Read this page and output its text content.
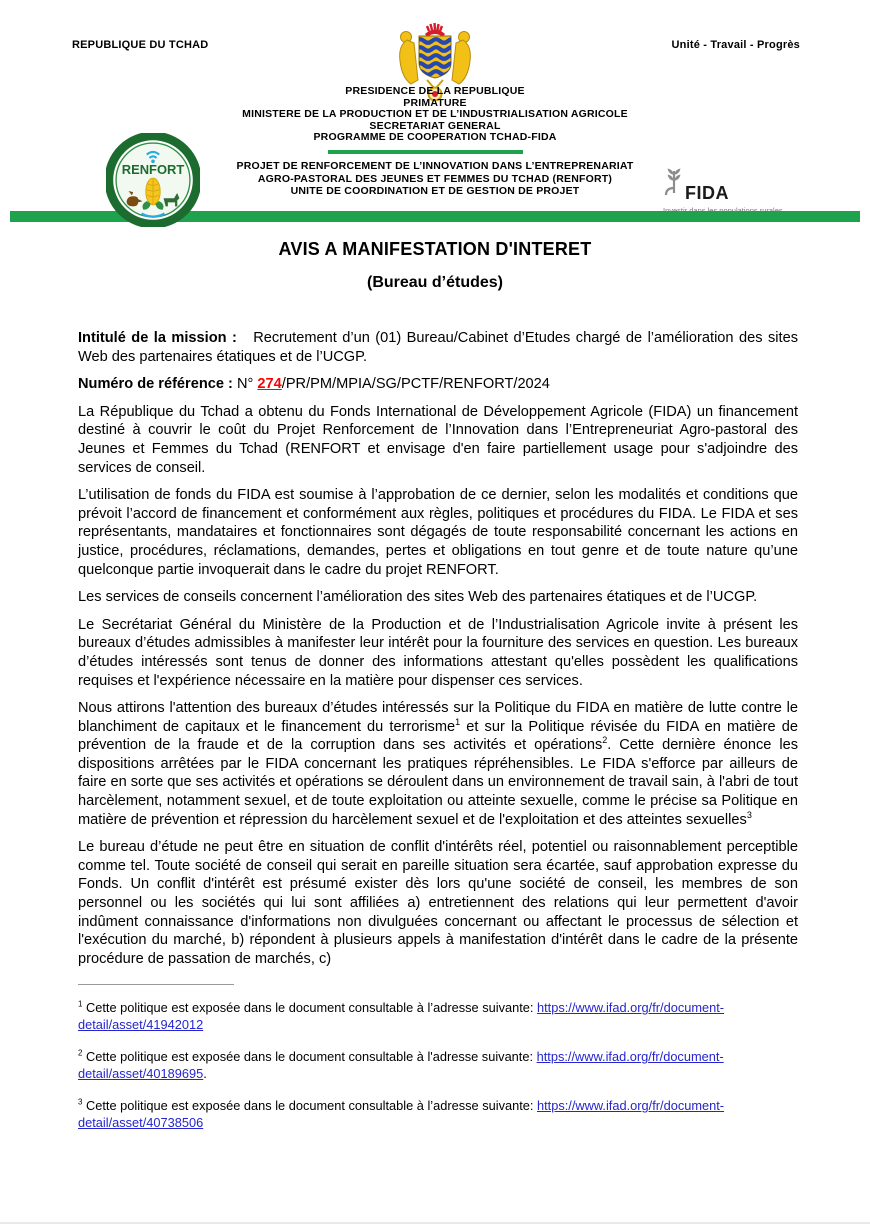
REPUBLIQUE DU TCHAD	Unité - Travail - Progrès
PRESIDENCE DE LA REPUBLIQUE
PRIMATURE
MINISTERE DE LA PRODUCTION ET DE L’INDUSTRIALISATION AGRICOLE
SECRETARIAT GENERAL
PROGRAMME DE COOPERATION TCHAD-FIDA
RENFORT	PROJET DE RENFORCEMENT DE L’INNOVATION DANS L’ENTREPRENARIAT
AGRO-PASTORAL DES JEUNES ET FEMMES DU TCHAD (RENFORT)
UNITE DE COORDINATION ET DE GESTION DE PROJET	FIDA
AVIS A MANIFESTATION D'INTERET
(Bureau d’études)

Intitulé de la mission :   Recrutement d’un (01) Bureau/Cabinet d’Etudes chargé de l’amélioration des sites Web des partenaires étatiques et de l’UCGP.

Numéro de référence : N° 274/PR/PM/MPIA/SG/PCTF/RENFORT/2024

La République du Tchad a obtenu du Fonds International de Développement Agricole (FIDA) un financement destiné à couvrir le coût du Projet Renforcement de l’Innovation dans l’Entrepreneuriat Agro-pastoral des Jeunes et Femmes du Tchad (RENFORT et envisage d'en faire partiellement usage pour s'adjoindre des services de conseil.

L’utilisation de fonds du FIDA est soumise à l’approbation de ce dernier, selon les modalités et conditions que prévoit l’accord de financement et conformément aux règles, politiques et procédures du FIDA. Le FIDA et ses représentants, mandataires et fonctionnaires sont dégagés de toute responsabilité concernant les actions en justice, procédures, réclamations, demandes, pertes et obligations en tout genre et de toute nature qu’une quelconque partie invoquerait dans le cadre du projet RENFORT.

Les services de conseils concernent l’amélioration des sites Web des partenaires étatiques et de l’UCGP.

Le Secrétariat Général du Ministère de la Production et de l’Industrialisation Agricole invite à présent les bureaux d’études admissibles à manifester leur intérêt pour la fourniture des services en question. Les bureaux d’études intéressés sont tenus de donner des informations attestant qu'elles possèdent les qualifications requises et l'expérience nécessaire en la matière pour dispenser ces services.

Nous attirons l'attention des bureaux d’études intéressés sur la Politique du FIDA en matière de lutte contre le blanchiment de capitaux et le financement du terrorisme$^1$ et sur la Politique révisée du FIDA en matière de prévention de la fraude et de la corruption dans ses activités et opérations$^2$. Cette dernière énonce les dispositions arrêtées par le FIDA concernant les pratiques répréhensibles. Le FIDA s'efforce par ailleurs de faire en sorte que ses activités et opérations se déroulent dans un environnement de travail sain, à l'abri de tout harcèlement, notamment sexuel, et de toute exploitation ou atteinte sexuelle, comme le précise sa Politique en matière de prévention et répression du harcèlement sexuel et de l'exploitation et des atteintes sexuelles$^3$

Le bureau d’étude ne peut être en situation de conflit d'intérêts réel, potentiel ou raisonnablement perceptible comme tel. Toute société de conseil qui serait en pareille situation sera écartée, sauf approbation expresse du Fonds. Un conflit d'intérêt est présumé exister dès lors qu'une société de conseil, les membres de son personnel ou les sociétés qui lui sont affiliées a) entretiennent des relations qui leur permettent d'avoir indûment connaissance d'informations non divulguées concernant ou affectant le processus de sélection et l'exécution du marché, b) répondent à plusieurs appels à manifestation d'intérêt dans le cadre de la présente procédure de passation de marchés, c)

$^1$ Cette politique est exposée dans le document consultable à l’adresse suivante: https://www.ifad.org/fr/document-detail/asset/41942012
$^2$ Cette politique est exposée dans le document consultable à l'adresse suivante: https://www.ifad.org/fr/document-detail/asset/40189695.
$^3$ Cette politique est exposée dans le document consultable à l’adresse suivante: https://www.ifad.org/fr/document-detail/asset/40738506
